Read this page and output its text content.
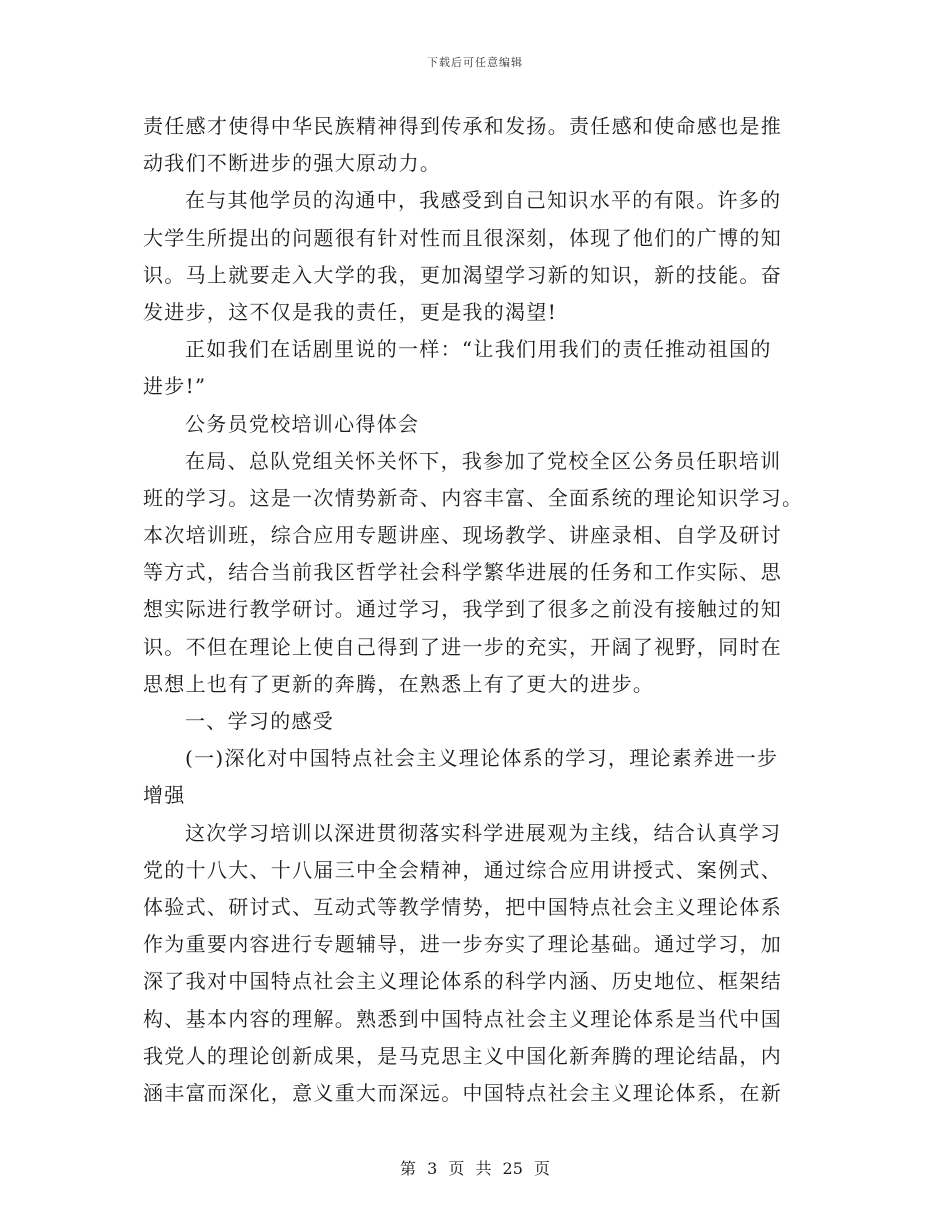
下载后可任意编辑
责任感才使得中华民族精神得到传承和发扬。责任感和使命感也是推
动我们不断进步的强大原动力。
在与其他学员的沟通中，我感受到自己知识水平的有限。许多的
大学生所提出的问题很有针对性而且很深刻，体现了他们的广博的知
识。马上就要走入大学的我，更加渴望学习新的知识，新的技能。奋
发进步，这不仅是我的责任，更是我的渴望!
正如我们在话剧里说的一样：“让我们用我们的责任推动祖国的
进步!”
公务员党校培训心得体会
在局、总队党组关怀关怀下，我参加了党校全区公务员任职培训
班的学习。这是一次情势新奇、内容丰富、全面系统的理论知识学习。
本次培训班，综合应用专题讲座、现场教学、讲座录相、自学及研讨
等方式，结合当前我区哲学社会科学繁华进展的任务和工作实际、思
想实际进行教学研讨。通过学习，我学到了很多之前没有接触过的知
识。不但在理论上使自己得到了进一步的充实，开阔了视野，同时在
思想上也有了更新的奔腾，在熟悉上有了更大的进步。
一、学习的感受
(一)深化对中国特点社会主义理论体系的学习，理论素养进一步
增强
这次学习培训以深进贯彻落实科学进展观为主线，结合认真学习
党的十八大、十八届三中全会精神，通过综合应用讲授式、案例式、
体验式、研讨式、互动式等教学情势，把中国特点社会主义理论体系
作为重要内容进行专题辅导，进一步夯实了理论基础。通过学习，加
深了我对中国特点社会主义理论体系的科学内涵、历史地位、框架结
构、基本内容的理解。熟悉到中国特点社会主义理论体系是当代中国
我党人的理论创新成果，是马克思主义中国化新奔腾的理论结晶，内
涵丰富而深化，意义重大而深远。中国特点社会主义理论体系，在新
第 3 页 共 25 页
